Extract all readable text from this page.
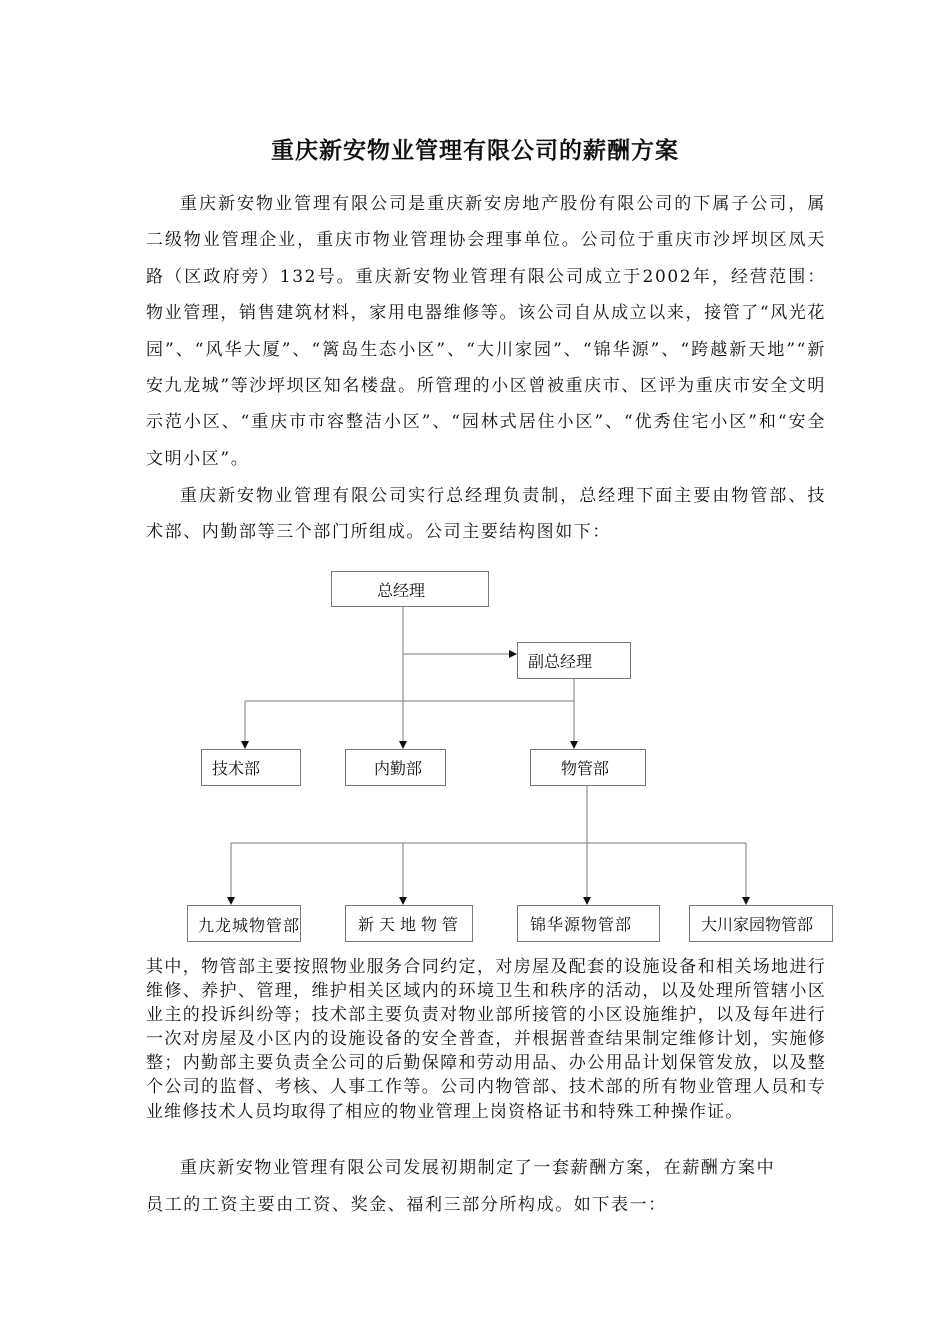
重庆新安物业管理有限公司的薪酬方案

重庆新安物业管理有限公司是重庆新安房地产股份有限公司的下属子公司，属二级物业管理企业，重庆市物业管理协会理事单位。公司位于重庆市沙坪坝区凤天路（区政府旁）132号。重庆新安物业管理有限公司成立于2002年，经营范围：物业管理，销售建筑材料，家用电器维修等。该公司自从成立以来，接管了“风光花园”、“风华大厦”、“篱岛生态小区”、“大川家园”、“锦华源”、“跨越新天地”“新安九龙城”等沙坪坝区知名楼盘。所管理的小区曾被重庆市、区评为重庆市安全文明示范小区、“重庆市市容整洁小区”、“园林式居住小区”、“优秀住宅小区”和“安全文明小区”。

重庆新安物业管理有限公司实行总经理负责制，总经理下面主要由物管部、技术部、内勤部等三个部门所组成。公司主要结构图如下：

总经理
副总经理
技术部	内勤部	物管部
九龙城物管部	新天地物管	锦华源物管部	大川家园物管部

其中，物管部主要按照物业服务合同约定，对房屋及配套的设施设备和相关场地进行维修、养护、管理，维护相关区域内的环境卫生和秩序的活动，以及处理所管辖小区业主的投诉纠纷等；技术部主要负责对物业部所接管的小区设施维护，以及每年进行一次对房屋及小区内的设施设备的安全普查，并根据普查结果制定维修计划，实施修整；内勤部主要负责全公司的后勤保障和劳动用品、办公用品计划保管发放，以及整个公司的监督、考核、人事工作等。公司内物管部、技术部的所有物业管理人员和专业维修技术人员均取得了相应的物业管理上岗资格证书和特殊工种操作证。

重庆新安物业管理有限公司发展初期制定了一套薪酬方案，在薪酬方案中

员工的工资主要由工资、奖金、福利三部分所构成。如下表一：
